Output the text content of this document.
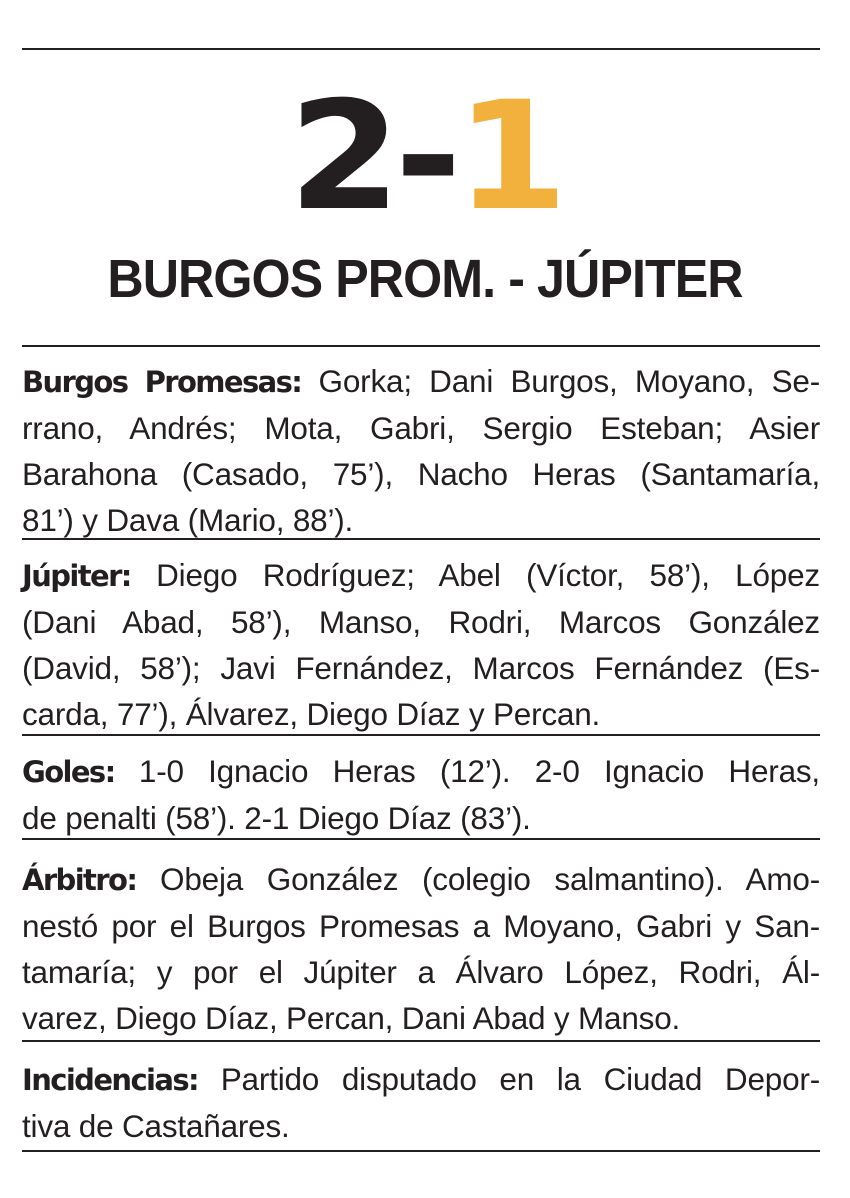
2-1
BURGOS PROM. - JÚPITER
Burgos Promesas: Gorka; Dani Burgos, Moyano, Se-
rrano, Andrés; Mota, Gabri, Sergio Esteban; Asier
Barahona (Casado, 75’), Nacho Heras (Santamaría,
81’) y Dava (Mario, 88’).
Júpiter: Diego Rodríguez; Abel (Víctor, 58’), López
(Dani Abad, 58’), Manso, Rodri, Marcos González
(David, 58’); Javi Fernández, Marcos Fernández (Es-
carda, 77’), Álvarez, Diego Díaz y Percan.
Goles: 1-0 Ignacio Heras (12’). 2-0 Ignacio Heras,
de penalti (58’). 2-1 Diego Díaz (83’).
Árbitro: Obeja González (colegio salmantino). Amo-
nestó por el Burgos Promesas a Moyano, Gabri y San-
tamaría; y por el Júpiter a Álvaro López, Rodri, Ál-
varez, Diego Díaz, Percan, Dani Abad y Manso.
Incidencias: Partido disputado en la Ciudad Depor-
tiva de Castañares.
